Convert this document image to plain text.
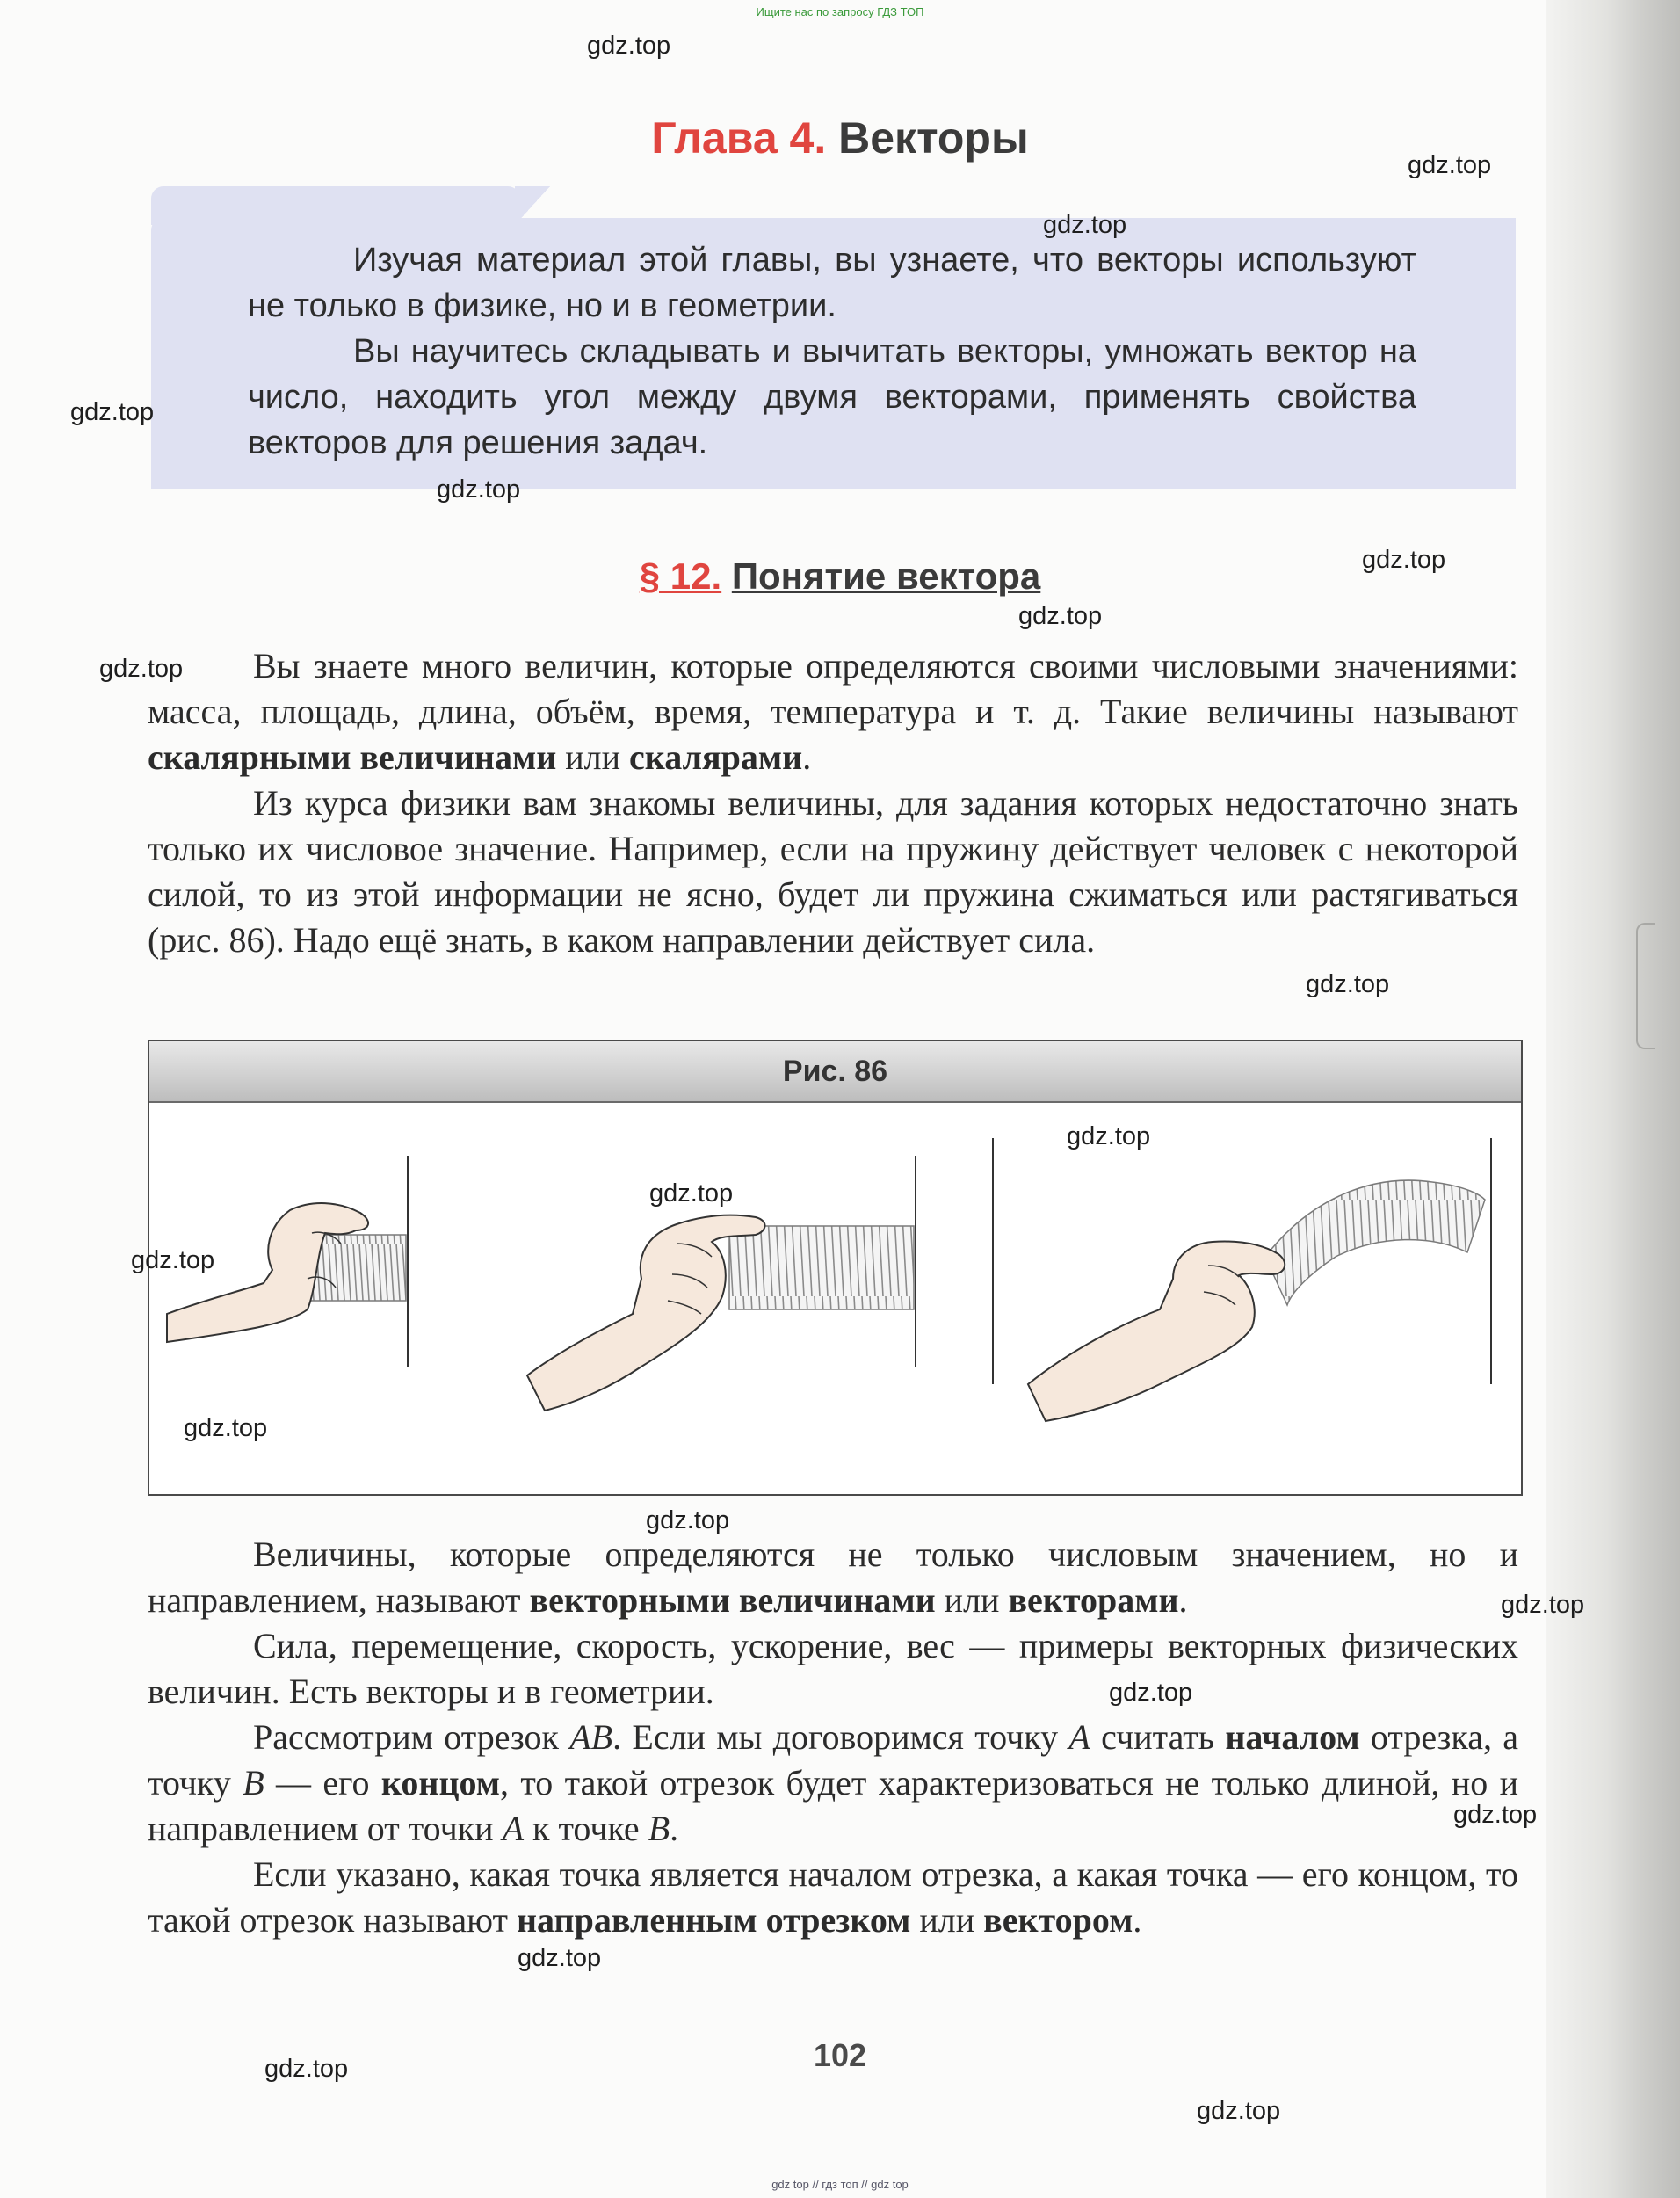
Ищите нас по запросу ГДЗ ТОП
Глава 4. Векторы

Изучая материал этой главы, вы узнаете, что векторы используют не только в физике, но и в геометрии.

Вы научитесь складывать и вычитать векторы, умножать вектор на число, находить угол между двумя векторами, применять свойства векторов для решения задач.

§ 12. Понятие вектора

Вы знаете много величин, которые определяются своими числовыми значениями: масса, площадь, длина, объём, время, температура и т. д. Такие величины называют скалярными величинами или скалярами.

Из курса физики вам знакомы величины, для задания которых недостаточно знать только их числовое значение. Например, если на пружину действует человек с некоторой силой, то из этой информации не ясно, будет ли пружина сжиматься или растягиваться (рис. 86). Надо ещё знать, в каком направлении действует сила.

Рис. 86

Величины, которые определяются не только числовым значением, но и направлением, называют векторными величинами или векторами.

Сила, перемещение, скорость, ускорение, вес — примеры векторных физических величин. Есть векторы и в геометрии.

Рассмотрим отрезок AB. Если мы договоримся точку A считать началом отрезка, а точку B — его концом, то такой отрезок будет характеризоваться не только длиной, но и направлением от точки A к точке B.

Если указано, какая точка является началом отрезка, а какая точка — его концом, то такой отрезок называют направленным отрезком или вектором.

102
gdz top // гдз топ // gdz top
gdz.top
gdz.top
gdz.top
gdz.top
gdz.top
gdz.top
gdz.top
gdz.top
gdz.top
gdz.top
gdz.top
gdz.top
gdz.top
gdz.top
gdz.top
gdz.top
gdz.top
gdz.top
gdz.top
gdz.top
